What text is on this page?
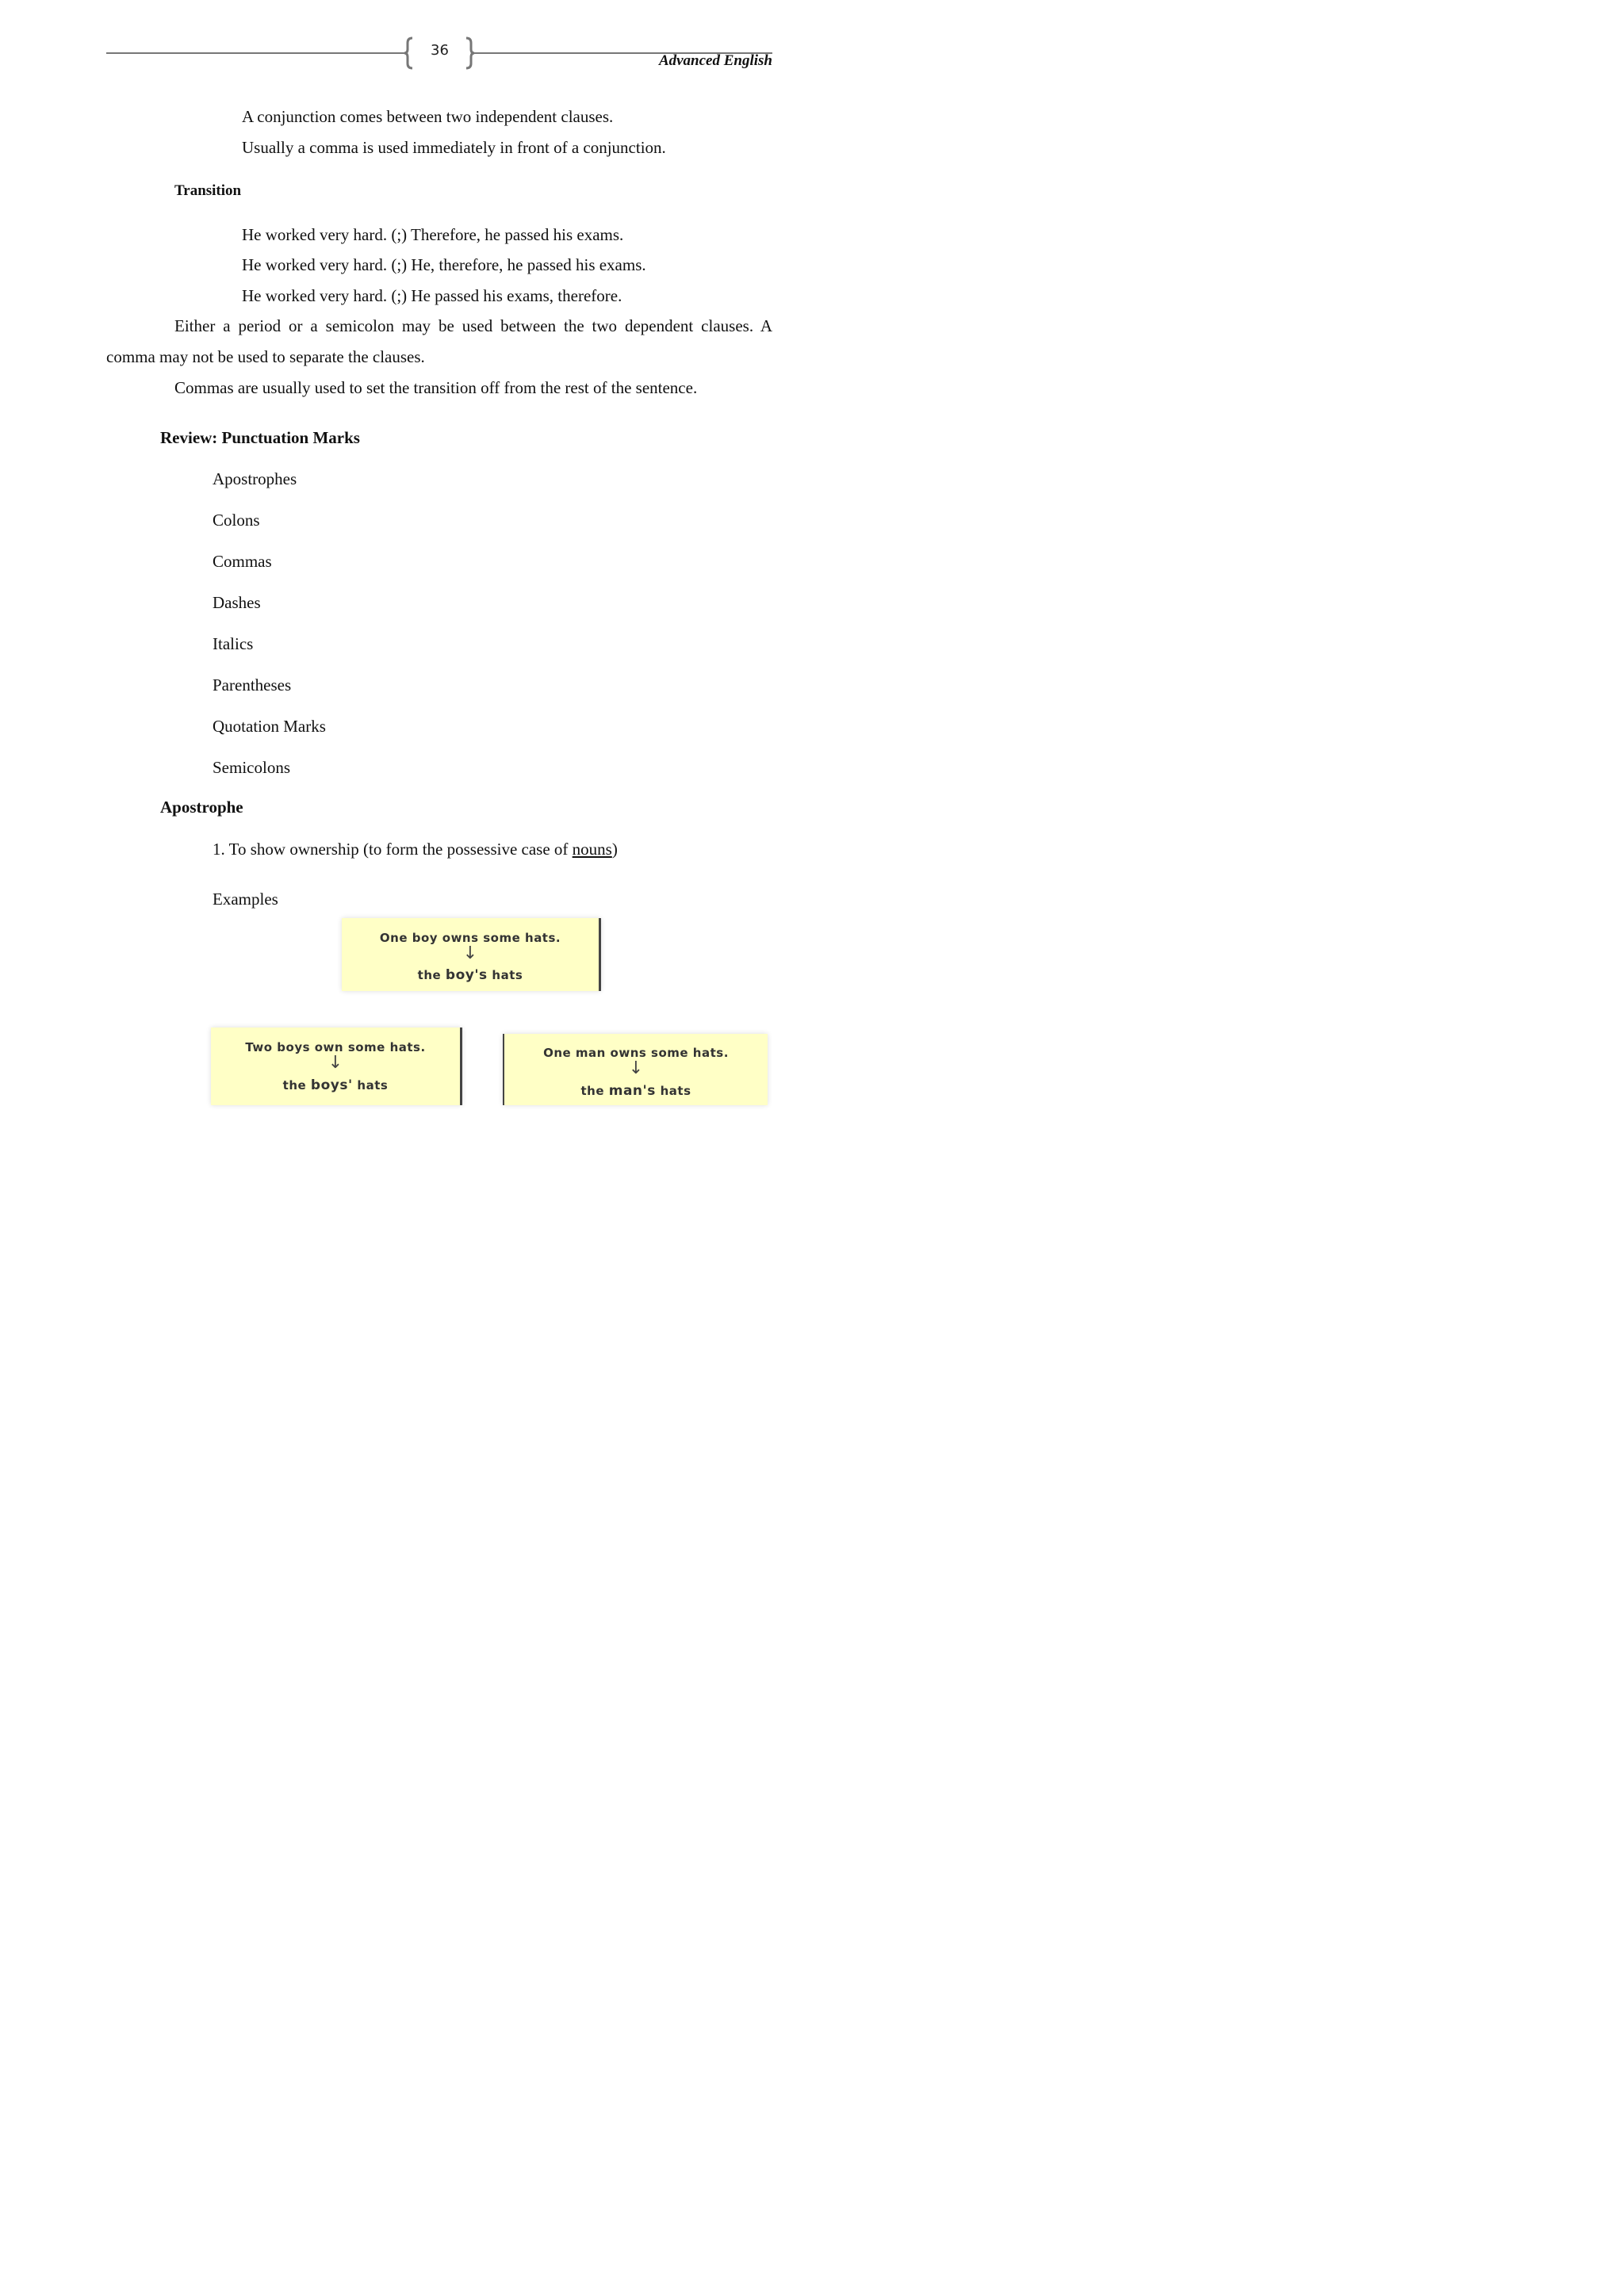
36
Advanced English
A conjunction comes between two independent clauses.
Usually a comma is used immediately in front of a conjunction.
Transition
He worked very hard. (;) Therefore, he passed his exams.
He worked very hard. (;) He, therefore, he passed his exams.
He worked very hard. (;) He passed his exams, therefore.
Either a period or a semicolon may be used between the two dependent clauses. A comma may not be used to separate the clauses.
Commas are usually used to set the transition off from the rest of the sentence.
Review: Punctuation Marks
Apostrophes
Colons
Commas
Dashes
Italics
Parentheses
Quotation Marks
Semicolons
Apostrophe
1. To show ownership (to form the possessive case of nouns)
Examples
One boy owns some hats.
↓
the boy's hats
Two boys own some hats.
↓
the boys' hats
One man owns some hats.
↓
the man's hats
